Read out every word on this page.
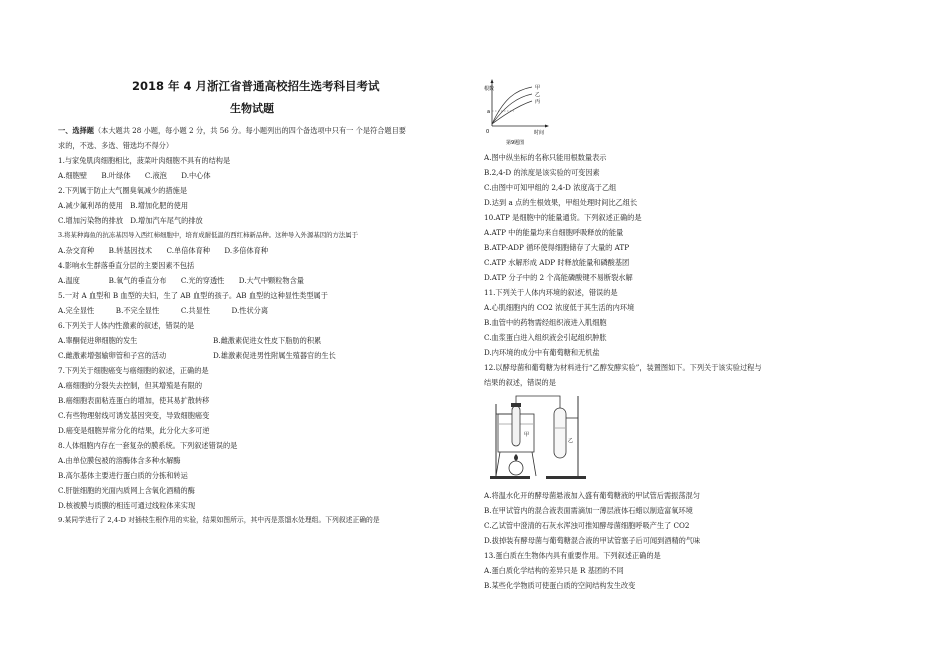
2018 年 4 月浙江省普通高校招生选考科目考试
生物试题
一、选择题（本大题共 28 小题，每小题 2 分，共 56 分。每小题列出的四个备选项中只有一 个是符合题目要
求的，不选、多选、错选均不得分）
1.与家兔肌肉细胞相比，菠菜叶肉细胞不具有的结构是
A.细胞壁　　B.叶绿体　　C.液泡　　D.中心体
2.下列属于防止大气圈臭氧减少的措施是
A.减少氟利昂的使用　B.增加化肥的使用
C.增加污染物的排放　D.增加汽车尾气的排放
3.将某种海鱼的抗冻基因导入西红柿细胞中，培育成耐低温的西红柿新品种。这种导入外源基因的方法属于
A.杂交育种　　B.转基因技术　　C.单倍体育种　　D.多倍体育种
4.影响水生群落垂直分层的主要因素不包括
A.温度　　　　B.氧气的垂直分布　　C.光的穿透性　　D.大气中颗粒物含量
5.一对 A 血型和 B 血型的夫妇，生了 AB 血型的孩子。AB 血型的这种显性类型属于
A.完全显性　　　B.不完全显性　　　C.共显性　　　D.性状分离
6.下列关于人体内性激素的叙述，错误的是
A.睾酮促进卵细胞的发生	B.雌激素促进女性皮下脂肪的积累
C.雌激素增强输卵管和子宫的活动	D.雄激素促进男性附属生殖器官的生长
7.下列关于细胞癌变与癌细胞的叙述，正确的是
A.癌细胞的分裂失去控制，但其增殖是有限的
B.癌细胞表面粘连蛋白的增加，使其易扩散转移
C.有些物理射线可诱发基因突变，导致细胞癌变
D.癌变是细胞异常分化的结果，此分化大多可逆
8.人体细胞内存在一套复杂的膜系统。下列叙述错误的是
A.由单位膜包被的溶酶体含多种水解酶
B.高尔基体主要进行蛋白质的分拣和转运
C.肝脏细胞的光面内质网上含氧化酒精的酶
D.核被膜与质膜的相连可通过线粒体来实现
9.某同学进行了 2,4-D 对插枝生根作用的实验，结果如图所示，其中丙是蒸馏水处理组。下列叙述正确的是
根数
a
0	时间
甲
乙
丙
第9题图
A.图中纵坐标的名称只能用根数量表示
B.2,4-D 的浓度是该实验的可变因素
C.由图中可知甲组的 2,4-D 浓度高于乙组
D.达到 a 点的生根效果，甲组处理时间比乙组长
10.ATP 是细胞中的能量通货。下列叙述正确的是
A.ATP 中的能量均来自细胞呼吸释放的能量
B.ATP-ADP 循环使得细胞储存了大量的 ATP
C.ATP 水解形成 ADP 时释放能量和磷酸基团
D.ATP 分子中的 2 个高能磷酸键不易断裂水解
11.下列关于人体内环境的叙述，错误的是
A.心肌细胞内的 CO2 浓度低于其生活的内环境
B.血管中的药物需经组织液进入肌细胞
C.血浆蛋白进入组织液会引起组织肿胀
D.内环境的成分中有葡萄糖和无机盐
12.以酵母菌和葡萄糖为材料进行“乙醇发酵实验”，装置图如下。下列关于该实验过程与
结果的叙述，错误的是
甲
乙
A.将温水化开的酵母菌悬液加入盛有葡萄糖液的甲试管后需振荡混匀
B.在甲试管内的混合液表面需滴加一薄层液体石蜡以制造富氧环境
C.乙试管中澄清的石灰水浑浊可推知酵母菌细胞呼吸产生了 CO2
D.拔掉装有酵母菌与葡萄糖混合液的甲试管塞子后可闻到酒精的气味
13.蛋白质在生物体内具有重要作用。下列叙述正确的是
A.蛋白质化学结构的差异只是 R 基团的不同
B.某些化学物质可使蛋白质的空间结构发生改变
